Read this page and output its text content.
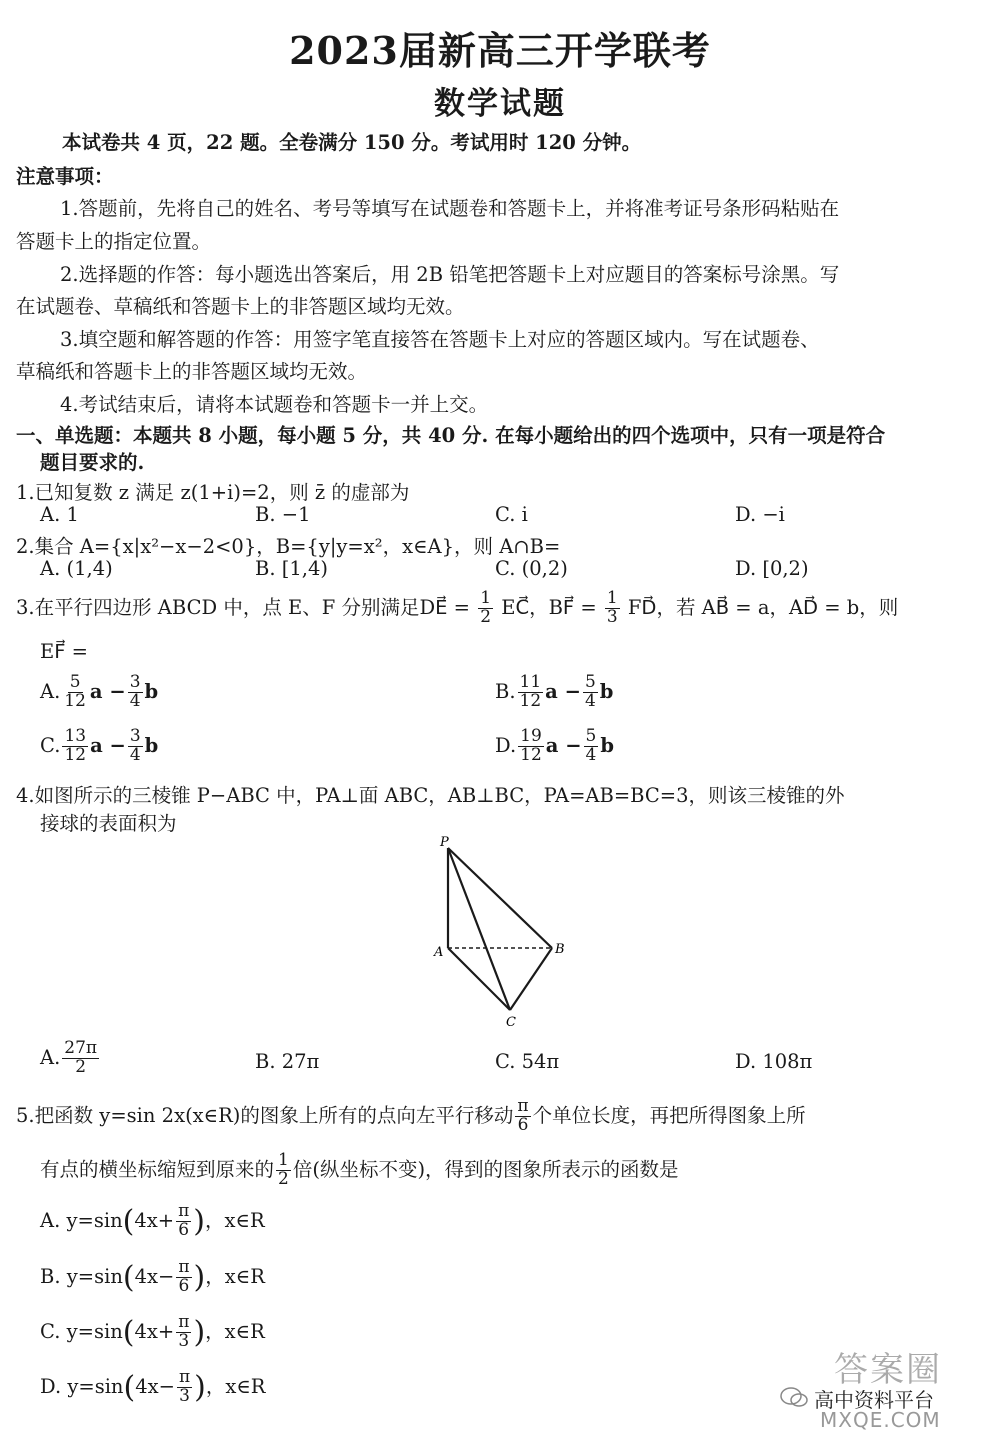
2023届新高三开学联考
数学试题
本试卷共 4 页，22 题。全卷满分 150 分。考试用时 120 分钟。
注意事项：
1.答题前，先将自己的姓名、考号等填写在试题卷和答题卡上，并将准考证号条形码粘贴在
答题卡上的指定位置。
2.选择题的作答：每小题选出答案后，用 2B 铅笔把答题卡上对应题目的答案标号涂黑。写
在试题卷、草稿纸和答题卡上的非答题区域均无效。
3.填空题和解答题的作答：用签字笔直接答在答题卡上对应的答题区域内。写在试题卷、
草稿纸和答题卡上的非答题区域均无效。
4.考试结束后，请将本试题卷和答题卡一并上交。
一、单选题：本题共 8 小题，每小题 5 分，共 40 分. 在每小题给出的四个选项中，只有一项是符合
题目要求的.
1.已知复数 z 满足 z(1+i)=2，则 z̄ 的虚部为
A. 1	B. −1	C. i	D. −i
2.集合 A={x|x²−x−2<0}，B={y|y=x²，x∈A}，则 A∩B=
A. (1,4)	B. [1,4)	C. (0,2)	D. [0,2)
3.在平行四边形 ABCD 中，点 E、F 分别满足DE⃗ = $\frac{1}{2}$ EC⃗，BF⃗ = $\frac{1}{3}$ FD⃗，若 AB⃗ = a，AD⃗ = b，则
EF⃗ =
A. $\frac{5}{12}$ $a - \frac{3}{4}$ b	B. $\frac{11}{12}$ $a - \frac{5}{4}$ b
C. $\frac{13}{12}$ $a - \frac{3}{4}$ b	D. $\frac{19}{12}$ $a - \frac{5}{4}$ b
4.如图所示的三棱锥 P−ABC 中，PA⊥面 ABC，AB⊥BC，PA=AB=BC=3，则该三棱锥的外
接球的表面积为
P
A	B
C
A. $\frac{27\pi}{2}$	B. 27π	C. 54π	D. 108π
5.把函数 y=sin 2x(x∈R)的图象上所有的点向左平行移动 $\frac{\pi}{6}$ 个单位长度，再把所得图象上所
有点的横坐标缩短到原来的 $\frac{1}{2}$ 倍(纵坐标不变)，得到的图象所表示的函数是
A. $y=\sin(4x+ \frac{\pi}{6}$ )，x∈R
B. $y=\sin(4x- \frac{\pi}{6}$ )，x∈R
C. $y=\sin(4x+ \frac{\pi}{3}$ )，x∈R
D. $y=\sin(4x- \frac{\pi}{3}$ )，x∈R	答案圈
高中资料平台
MXQE.COM
